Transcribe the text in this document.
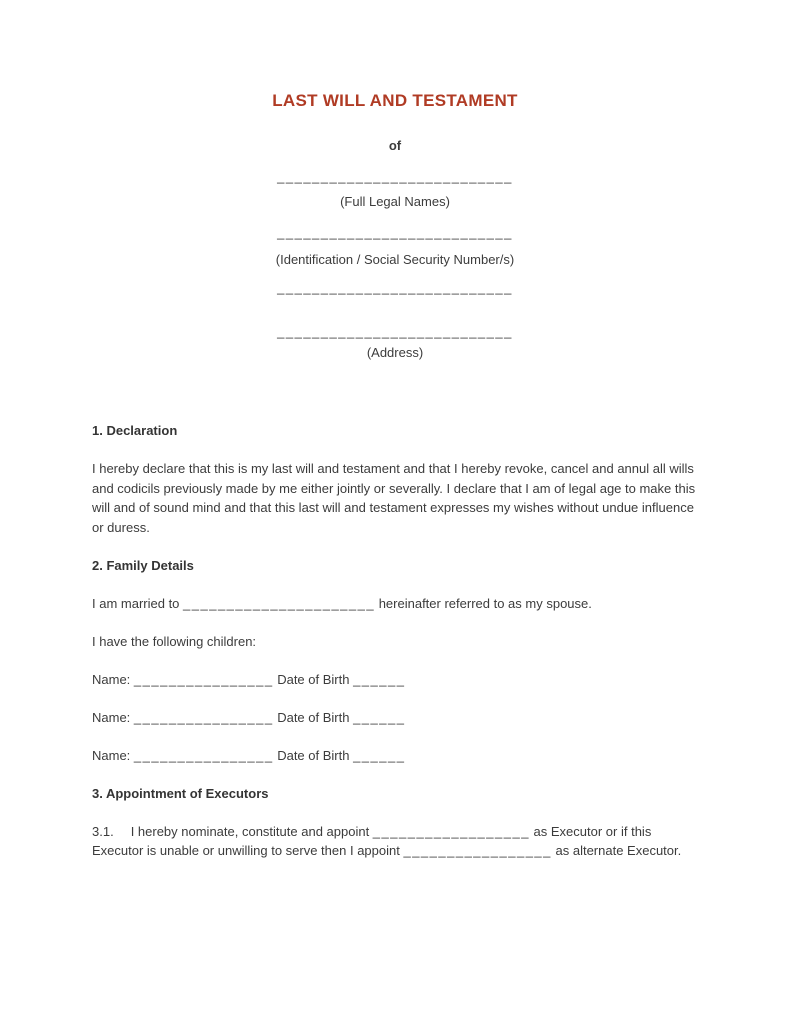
LAST WILL AND TESTAMENT

of

___________________________

(Full Legal Names)

___________________________

(Identification / Social Security Number/s)

___________________________

___________________________

(Address)

1. Declaration

I hereby declare that this is my last will and testament and that I hereby revoke, cancel and annul all wills and codicils previously made by me either jointly or severally. I declare that I am of legal age to make this will and of sound mind and that this last will and testament expresses my wishes without undue influence or duress.

2. Family Details

I am married to ______________________ hereinafter referred to as my spouse.

I have the following children:

Name: ________________ Date of Birth ______

Name: ________________ Date of Birth ______

Name: ________________ Date of Birth ______

3. Appointment of Executors

3.1. I hereby nominate, constitute and appoint __________________ as Executor or if this Executor is unable or unwilling to serve then I appoint _________________ as alternate Executor.
